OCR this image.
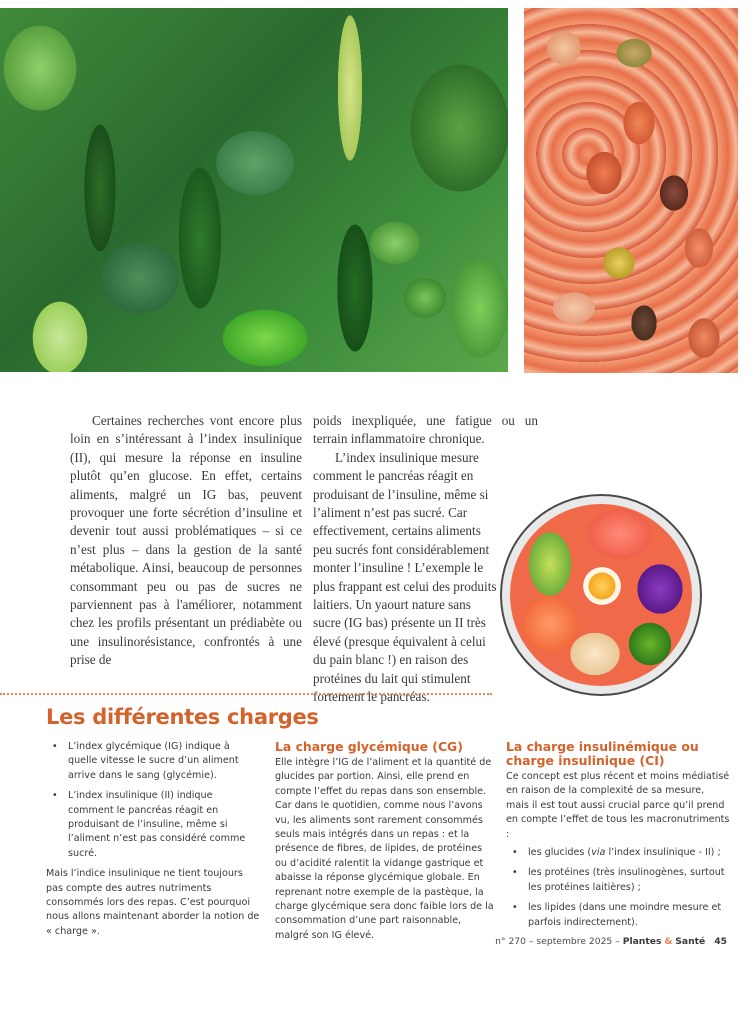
Certaines recherches vont encore plus loin en s’intéressant à l’index insulinique (II), qui mesure la réponse en insuline plutôt qu’en glucose. En effet, certains aliments, malgré un IG bas, peuvent provoquer une forte sécrétion d’insuline et devenir tout aussi problématiques – si ce n’est plus – dans la gestion de la santé métabolique. Ainsi, beaucoup de personnes consommant peu ou pas de sucres ne parviennent pas à l'améliorer, notamment chez les profils présentant un prédiabète ou une insulinorésistance, confrontés à une prise de

poids inexpliquée, une fatigue ou un terrain inflammatoire chronique.

L’index insulinique mesure comment le pancréas réagit en produisant de l’insuline, même si l’aliment n’est pas sucré. Car effectivement, certains aliments peu sucrés font considérablement monter l’insuline ! L’exemple le plus frappant est celui des produits laitiers. Un yaourt nature sans sucre (IG bas) présente un II très élevé (presque équivalent à celui du pain blanc !) en raison des protéines du lait qui stimulent fortement le pancréas.

Les différentes charges
• L’index glycémique (IG) indique à quelle vitesse le sucre d’un aliment arrive dans le sang (glycémie).
• L’index insulinique (II) indique comment le pancréas réagit en produisant de l’insuline, même si l’aliment n’est pas considéré comme sucré.

Mais l’indice insulinique ne tient toujours pas compte des autres nutriments consommés lors des repas. C’est pourquoi nous allons maintenant aborder la notion de « charge ».

La charge glycémique (CG)

Elle intègre l’IG de l’aliment et la quantité de glucides par portion. Ainsi, elle prend en compte l’effet du repas dans son ensemble.

Car dans le quotidien, comme nous l’avons vu, les aliments sont rarement consommés seuls mais intégrés dans un repas : et la présence de fibres, de lipides, de protéines ou d’acidité ralentit la vidange gastrique et abaisse la réponse glycémique globale. En reprenant notre exemple de la pastèque, la charge glycémique sera donc faible lors de la consommation d’une part raisonnable, malgré son IG élevé.

La charge insulinémique ou charge insulinique (CI)

Ce concept est plus récent et moins médiatisé en raison de la complexité de sa mesure, mais il est tout aussi crucial parce qu’il prend en compte l’effet de tous les macronutriments :

• les glucides (via l’index insulinique - II) ;
• les protéines (très insulinogènes, surtout les protéines laitières) ;
• les lipides (dans une moindre mesure et parfois indirectement).
n° 270 – septembre 2025 – Plantes & Santé 45
